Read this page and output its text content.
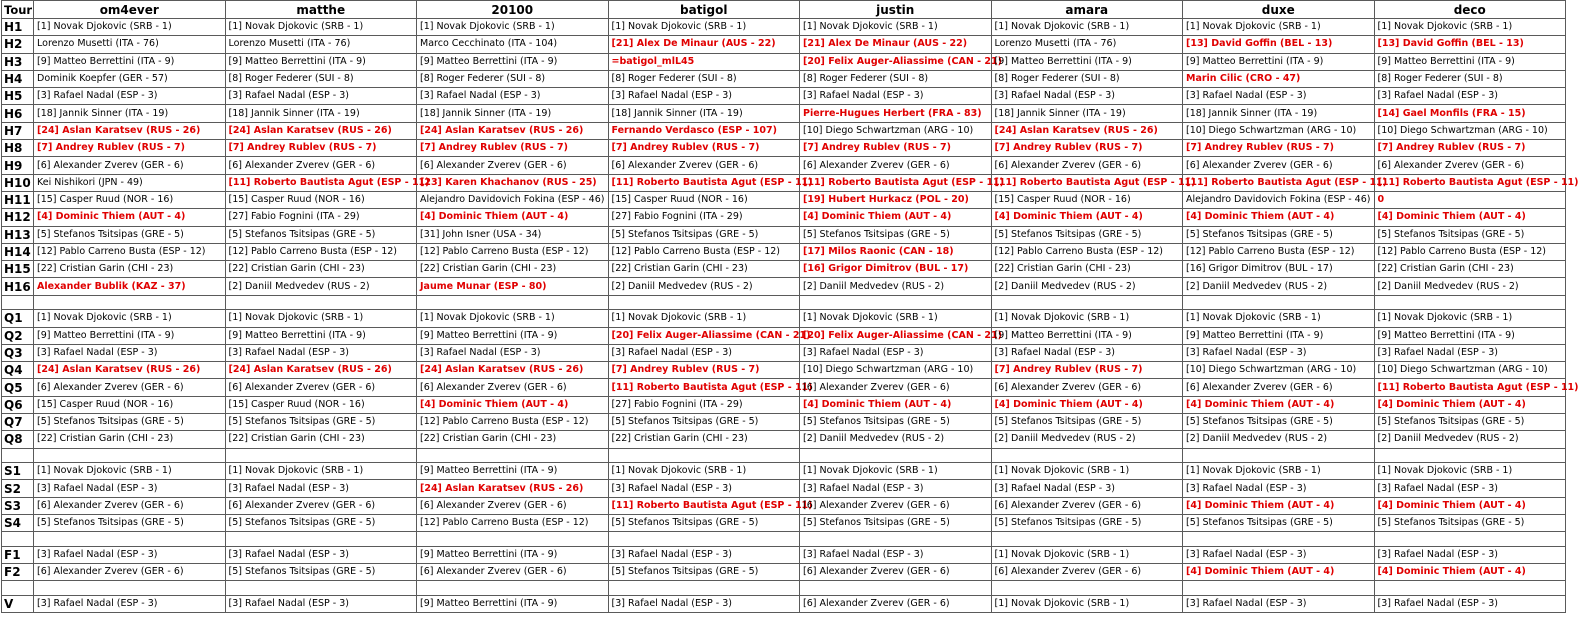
Tour	om4ever	matthe	20100	batigol	justin	amara	duxe	deco
H1	[1] Novak Djokovic (SRB - 1)	[1] Novak Djokovic (SRB - 1)	[1] Novak Djokovic (SRB - 1)	[1] Novak Djokovic (SRB - 1)	[1] Novak Djokovic (SRB - 1)	[1] Novak Djokovic (SRB - 1)	[1] Novak Djokovic (SRB - 1)	[1] Novak Djokovic (SRB - 1)
H2	Lorenzo Musetti (ITA - 76)	Lorenzo Musetti (ITA - 76)	Marco Cecchinato (ITA - 104)	[21] Alex De Minaur (AUS - 22)	[21] Alex De Minaur (AUS - 22)	Lorenzo Musetti (ITA - 76)	[13] David Goffin (BEL - 13)	[13] David Goffin (BEL - 13)
H3	[9] Matteo Berrettini (ITA - 9)	[9] Matteo Berrettini (ITA - 9)	[9] Matteo Berrettini (ITA - 9)	=batigol_mlL45	[20] Felix Auger-Aliassime (CAN - 21)	[9] Matteo Berrettini (ITA - 9)	[9] Matteo Berrettini (ITA - 9)	[9] Matteo Berrettini (ITA - 9)
H4	Dominik Koepfer (GER - 57)	[8] Roger Federer (SUI - 8)	[8] Roger Federer (SUI - 8)	[8] Roger Federer (SUI - 8)	[8] Roger Federer (SUI - 8)	[8] Roger Federer (SUI - 8)	Marin Cilic (CRO - 47)	[8] Roger Federer (SUI - 8)
H5	[3] Rafael Nadal (ESP - 3)	[3] Rafael Nadal (ESP - 3)	[3] Rafael Nadal (ESP - 3)	[3] Rafael Nadal (ESP - 3)	[3] Rafael Nadal (ESP - 3)	[3] Rafael Nadal (ESP - 3)	[3] Rafael Nadal (ESP - 3)	[3] Rafael Nadal (ESP - 3)
H6	[18] Jannik Sinner (ITA - 19)	[18] Jannik Sinner (ITA - 19)	[18] Jannik Sinner (ITA - 19)	[18] Jannik Sinner (ITA - 19)	Pierre-Hugues Herbert (FRA - 83)	[18] Jannik Sinner (ITA - 19)	[18] Jannik Sinner (ITA - 19)	[14] Gael Monfils (FRA - 15)
H7	[24] Aslan Karatsev (RUS - 26)	[24] Aslan Karatsev (RUS - 26)	[24] Aslan Karatsev (RUS - 26)	Fernando Verdasco (ESP - 107)	[10] Diego Schwartzman (ARG - 10)	[24] Aslan Karatsev (RUS - 26)	[10] Diego Schwartzman (ARG - 10)	[10] Diego Schwartzman (ARG - 10)
H8	[7] Andrey Rublev (RUS - 7)	[7] Andrey Rublev (RUS - 7)	[7] Andrey Rublev (RUS - 7)	[7] Andrey Rublev (RUS - 7)	[7] Andrey Rublev (RUS - 7)	[7] Andrey Rublev (RUS - 7)	[7] Andrey Rublev (RUS - 7)	[7] Andrey Rublev (RUS - 7)
H9	[6] Alexander Zverev (GER - 6)	[6] Alexander Zverev (GER - 6)	[6] Alexander Zverev (GER - 6)	[6] Alexander Zverev (GER - 6)	[6] Alexander Zverev (GER - 6)	[6] Alexander Zverev (GER - 6)	[6] Alexander Zverev (GER - 6)	[6] Alexander Zverev (GER - 6)
H10	Kei Nishikori (JPN - 49)	[11] Roberto Bautista Agut (ESP - 11)	[23] Karen Khachanov (RUS - 25)	[11] Roberto Bautista Agut (ESP - 11)	[11] Roberto Bautista Agut (ESP - 11)	[11] Roberto Bautista Agut (ESP - 11)	[11] Roberto Bautista Agut (ESP - 11)	[11] Roberto Bautista Agut (ESP - 11)
H11	[15] Casper Ruud (NOR - 16)	[15] Casper Ruud (NOR - 16)	Alejandro Davidovich Fokina (ESP - 46)	[15] Casper Ruud (NOR - 16)	[19] Hubert Hurkacz (POL - 20)	[15] Casper Ruud (NOR - 16)	Alejandro Davidovich Fokina (ESP - 46)	0
H12	[4] Dominic Thiem (AUT - 4)	[27] Fabio Fognini (ITA - 29)	[4] Dominic Thiem (AUT - 4)	[27] Fabio Fognini (ITA - 29)	[4] Dominic Thiem (AUT - 4)	[4] Dominic Thiem (AUT - 4)	[4] Dominic Thiem (AUT - 4)	[4] Dominic Thiem (AUT - 4)
H13	[5] Stefanos Tsitsipas (GRE - 5)	[5] Stefanos Tsitsipas (GRE - 5)	[31] John Isner (USA - 34)	[5] Stefanos Tsitsipas (GRE - 5)	[5] Stefanos Tsitsipas (GRE - 5)	[5] Stefanos Tsitsipas (GRE - 5)	[5] Stefanos Tsitsipas (GRE - 5)	[5] Stefanos Tsitsipas (GRE - 5)
H14	[12] Pablo Carreno Busta (ESP - 12)	[12] Pablo Carreno Busta (ESP - 12)	[12] Pablo Carreno Busta (ESP - 12)	[12] Pablo Carreno Busta (ESP - 12)	[17] Milos Raonic (CAN - 18)	[12] Pablo Carreno Busta (ESP - 12)	[12] Pablo Carreno Busta (ESP - 12)	[12] Pablo Carreno Busta (ESP - 12)
H15	[22] Cristian Garin (CHI - 23)	[22] Cristian Garin (CHI - 23)	[22] Cristian Garin (CHI - 23)	[22] Cristian Garin (CHI - 23)	[16] Grigor Dimitrov (BUL - 17)	[22] Cristian Garin (CHI - 23)	[16] Grigor Dimitrov (BUL - 17)	[22] Cristian Garin (CHI - 23)
H16	Alexander Bublik (KAZ - 37)	[2] Daniil Medvedev (RUS - 2)	Jaume Munar (ESP - 80)	[2] Daniil Medvedev (RUS - 2)	[2] Daniil Medvedev (RUS - 2)	[2] Daniil Medvedev (RUS - 2)	[2] Daniil Medvedev (RUS - 2)	[2] Daniil Medvedev (RUS - 2)

Q1	[1] Novak Djokovic (SRB - 1)	[1] Novak Djokovic (SRB - 1)	[1] Novak Djokovic (SRB - 1)	[1] Novak Djokovic (SRB - 1)	[1] Novak Djokovic (SRB - 1)	[1] Novak Djokovic (SRB - 1)	[1] Novak Djokovic (SRB - 1)	[1] Novak Djokovic (SRB - 1)
Q2	[9] Matteo Berrettini (ITA - 9)	[9] Matteo Berrettini (ITA - 9)	[9] Matteo Berrettini (ITA - 9)	[20] Felix Auger-Aliassime (CAN - 21)	[20] Felix Auger-Aliassime (CAN - 21)	[9] Matteo Berrettini (ITA - 9)	[9] Matteo Berrettini (ITA - 9)	[9] Matteo Berrettini (ITA - 9)
Q3	[3] Rafael Nadal (ESP - 3)	[3] Rafael Nadal (ESP - 3)	[3] Rafael Nadal (ESP - 3)	[3] Rafael Nadal (ESP - 3)	[3] Rafael Nadal (ESP - 3)	[3] Rafael Nadal (ESP - 3)	[3] Rafael Nadal (ESP - 3)	[3] Rafael Nadal (ESP - 3)
Q4	[24] Aslan Karatsev (RUS - 26)	[24] Aslan Karatsev (RUS - 26)	[24] Aslan Karatsev (RUS - 26)	[7] Andrey Rublev (RUS - 7)	[10] Diego Schwartzman (ARG - 10)	[7] Andrey Rublev (RUS - 7)	[10] Diego Schwartzman (ARG - 10)	[10] Diego Schwartzman (ARG - 10)
Q5	[6] Alexander Zverev (GER - 6)	[6] Alexander Zverev (GER - 6)	[6] Alexander Zverev (GER - 6)	[11] Roberto Bautista Agut (ESP - 11)	[6] Alexander Zverev (GER - 6)	[6] Alexander Zverev (GER - 6)	[6] Alexander Zverev (GER - 6)	[11] Roberto Bautista Agut (ESP - 11)
Q6	[15] Casper Ruud (NOR - 16)	[15] Casper Ruud (NOR - 16)	[4] Dominic Thiem (AUT - 4)	[27] Fabio Fognini (ITA - 29)	[4] Dominic Thiem (AUT - 4)	[4] Dominic Thiem (AUT - 4)	[4] Dominic Thiem (AUT - 4)	[4] Dominic Thiem (AUT - 4)
Q7	[5] Stefanos Tsitsipas (GRE - 5)	[5] Stefanos Tsitsipas (GRE - 5)	[12] Pablo Carreno Busta (ESP - 12)	[5] Stefanos Tsitsipas (GRE - 5)	[5] Stefanos Tsitsipas (GRE - 5)	[5] Stefanos Tsitsipas (GRE - 5)	[5] Stefanos Tsitsipas (GRE - 5)	[5] Stefanos Tsitsipas (GRE - 5)
Q8	[22] Cristian Garin (CHI - 23)	[22] Cristian Garin (CHI - 23)	[22] Cristian Garin (CHI - 23)	[22] Cristian Garin (CHI - 23)	[2] Daniil Medvedev (RUS - 2)	[2] Daniil Medvedev (RUS - 2)	[2] Daniil Medvedev (RUS - 2)	[2] Daniil Medvedev (RUS - 2)

S1	[1] Novak Djokovic (SRB - 1)	[1] Novak Djokovic (SRB - 1)	[9] Matteo Berrettini (ITA - 9)	[1] Novak Djokovic (SRB - 1)	[1] Novak Djokovic (SRB - 1)	[1] Novak Djokovic (SRB - 1)	[1] Novak Djokovic (SRB - 1)	[1] Novak Djokovic (SRB - 1)
S2	[3] Rafael Nadal (ESP - 3)	[3] Rafael Nadal (ESP - 3)	[24] Aslan Karatsev (RUS - 26)	[3] Rafael Nadal (ESP - 3)	[3] Rafael Nadal (ESP - 3)	[3] Rafael Nadal (ESP - 3)	[3] Rafael Nadal (ESP - 3)	[3] Rafael Nadal (ESP - 3)
S3	[6] Alexander Zverev (GER - 6)	[6] Alexander Zverev (GER - 6)	[6] Alexander Zverev (GER - 6)	[11] Roberto Bautista Agut (ESP - 11)	[6] Alexander Zverev (GER - 6)	[6] Alexander Zverev (GER - 6)	[4] Dominic Thiem (AUT - 4)	[4] Dominic Thiem (AUT - 4)
S4	[5] Stefanos Tsitsipas (GRE - 5)	[5] Stefanos Tsitsipas (GRE - 5)	[12] Pablo Carreno Busta (ESP - 12)	[5] Stefanos Tsitsipas (GRE - 5)	[5] Stefanos Tsitsipas (GRE - 5)	[5] Stefanos Tsitsipas (GRE - 5)	[5] Stefanos Tsitsipas (GRE - 5)	[5] Stefanos Tsitsipas (GRE - 5)

F1	[3] Rafael Nadal (ESP - 3)	[3] Rafael Nadal (ESP - 3)	[9] Matteo Berrettini (ITA - 9)	[3] Rafael Nadal (ESP - 3)	[3] Rafael Nadal (ESP - 3)	[1] Novak Djokovic (SRB - 1)	[3] Rafael Nadal (ESP - 3)	[3] Rafael Nadal (ESP - 3)
F2	[6] Alexander Zverev (GER - 6)	[5] Stefanos Tsitsipas (GRE - 5)	[6] Alexander Zverev (GER - 6)	[5] Stefanos Tsitsipas (GRE - 5)	[6] Alexander Zverev (GER - 6)	[6] Alexander Zverev (GER - 6)	[4] Dominic Thiem (AUT - 4)	[4] Dominic Thiem (AUT - 4)

V	[3] Rafael Nadal (ESP - 3)	[3] Rafael Nadal (ESP - 3)	[9] Matteo Berrettini (ITA - 9)	[3] Rafael Nadal (ESP - 3)	[6] Alexander Zverev (GER - 6)	[1] Novak Djokovic (SRB - 1)	[3] Rafael Nadal (ESP - 3)	[3] Rafael Nadal (ESP - 3)
